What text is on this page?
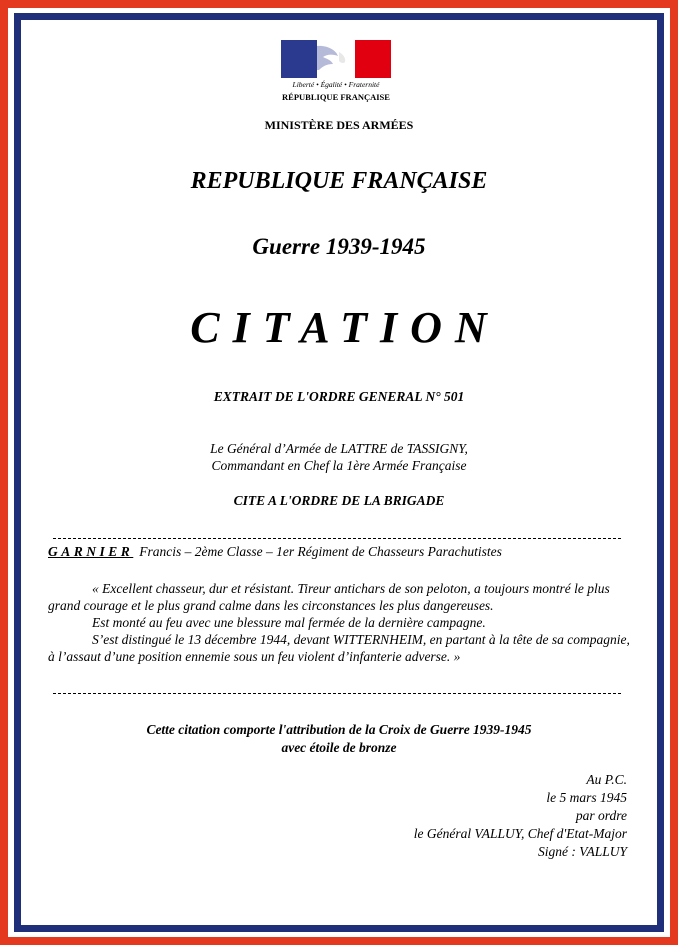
Liberté • Égalité • Fraternité
RÉPUBLIQUE FRANÇAISE
MINISTÈRE DES ARMÉES
REPUBLIQUE FRANÇAISE
Guerre 1939-1945
CITATION
EXTRAIT DE L'ORDRE GENERAL N° 501
Le Général d’Armée de LATTRE de TASSIGNY,
Commandant en Chef la 1ère Armée Française
CITE A L'ORDRE DE LA BRIGADE
GARNIER Francis – 2ème Classe – 1er Régiment de Chasseurs Parachutistes
« Excellent chasseur, dur et résistant. Tireur antichars de son peloton, a toujours montré le plus grand courage et le plus grand calme dans les circonstances les plus dangereuses.
Est monté au feu avec une blessure mal fermée de la dernière campagne.
S’est distingué le 13 décembre 1944, devant WITTERNHEIM, en partant à la tête de sa compagnie, à l’assaut d’une position ennemie sous un feu violent d’infanterie adverse. »
Cette citation comporte l'attribution de la Croix de Guerre 1939-1945
avec étoile de bronze
Au P.C.
le 5 mars 1945
par ordre
le Général VALLUY, Chef d'Etat-Major
Signé : VALLUY
